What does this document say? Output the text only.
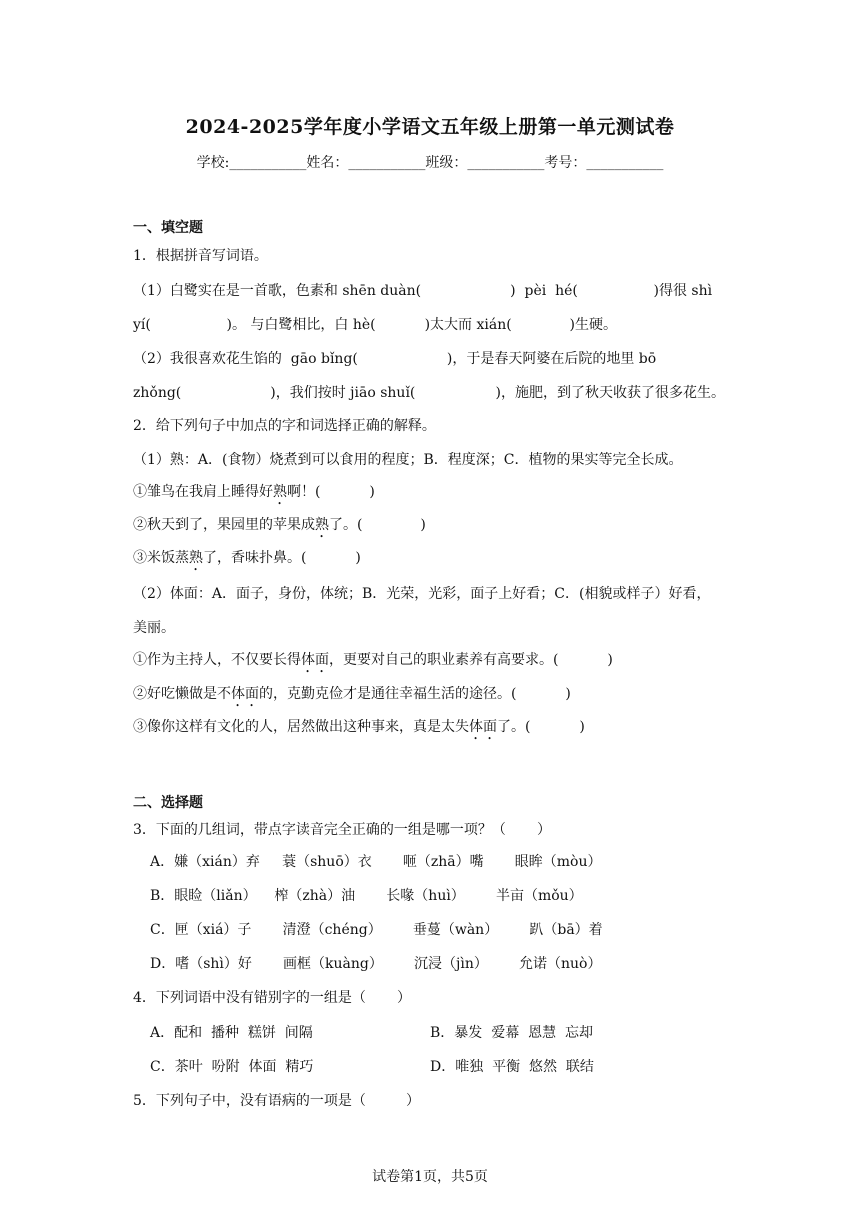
2024-2025学年度小学语文五年级上册第一单元测试卷
学校:___________姓名：___________班级：___________考号：___________
一、填空题
1．根据拼音写词语。
（1）白鹭实在是一首歌，色素和 shēn duàn(                    )  pèi  hé(                 )得很 shì
yí(                 )。 与白鹭相比，白 hè(           )太大而 xián(             )生硬。
（2）我很喜欢花生馅的  gāo bǐng(                    )，于是春天阿婆在后院的地里 bō
zhǒng(                    )，我们按时 jiāo shuǐ(                  )，施肥，到了秋天收获了很多花生。
2．给下列句子中加点的字和词选择正确的解释。
（1）熟：A．(食物）烧煮到可以食用的程度；B．程度深；C．植物的果实等完全长成。
①雏鸟在我肩上睡得好熟啊！(           )
②秋天到了，果园里的苹果成熟了。(             )
③米饭蒸熟了，香味扑鼻。(           )
（2）体面：A．面子，身份，体统；B．光荣，光彩，面子上好看；C．(相貌或样子）好看，
美丽。
①作为主持人，不仅要长得体面，更要对自己的职业素养有高要求。(           )
②好吃懒做是不体面的，克勤克俭才是通往幸福生活的途径。(           )
③像你这样有文化的人，居然做出这种事来，真是太失体面了。(           )
二、选择题
3．下面的几组词，带点字读音完全正确的一组是哪一项？（       ）
A．嫌（xián）弃     蓑（shuō）衣       咂（zhā）嘴       眼眸（mòu）
B．眼睑（liǎn）    榨（zhà）油       长喙（huì）       半亩（mǒu）
C．匣（xiá）子       清澄（chéng）       垂蔓（wàn）       趴（bā）着
D．嗜（shì）好       画框（kuàng）       沉浸（jìn）       允诺（nuò）
4．下列词语中没有错别字的一组是（       ）
A．配和  播种  糕饼  间隔	B．暴发  爱幕  恩慧  忘却
C．茶叶  吩附  体面  精巧	D．唯独  平衡  悠然  联结
5．下列句子中，没有语病的一项是（         ）
试卷第1页，共5页
